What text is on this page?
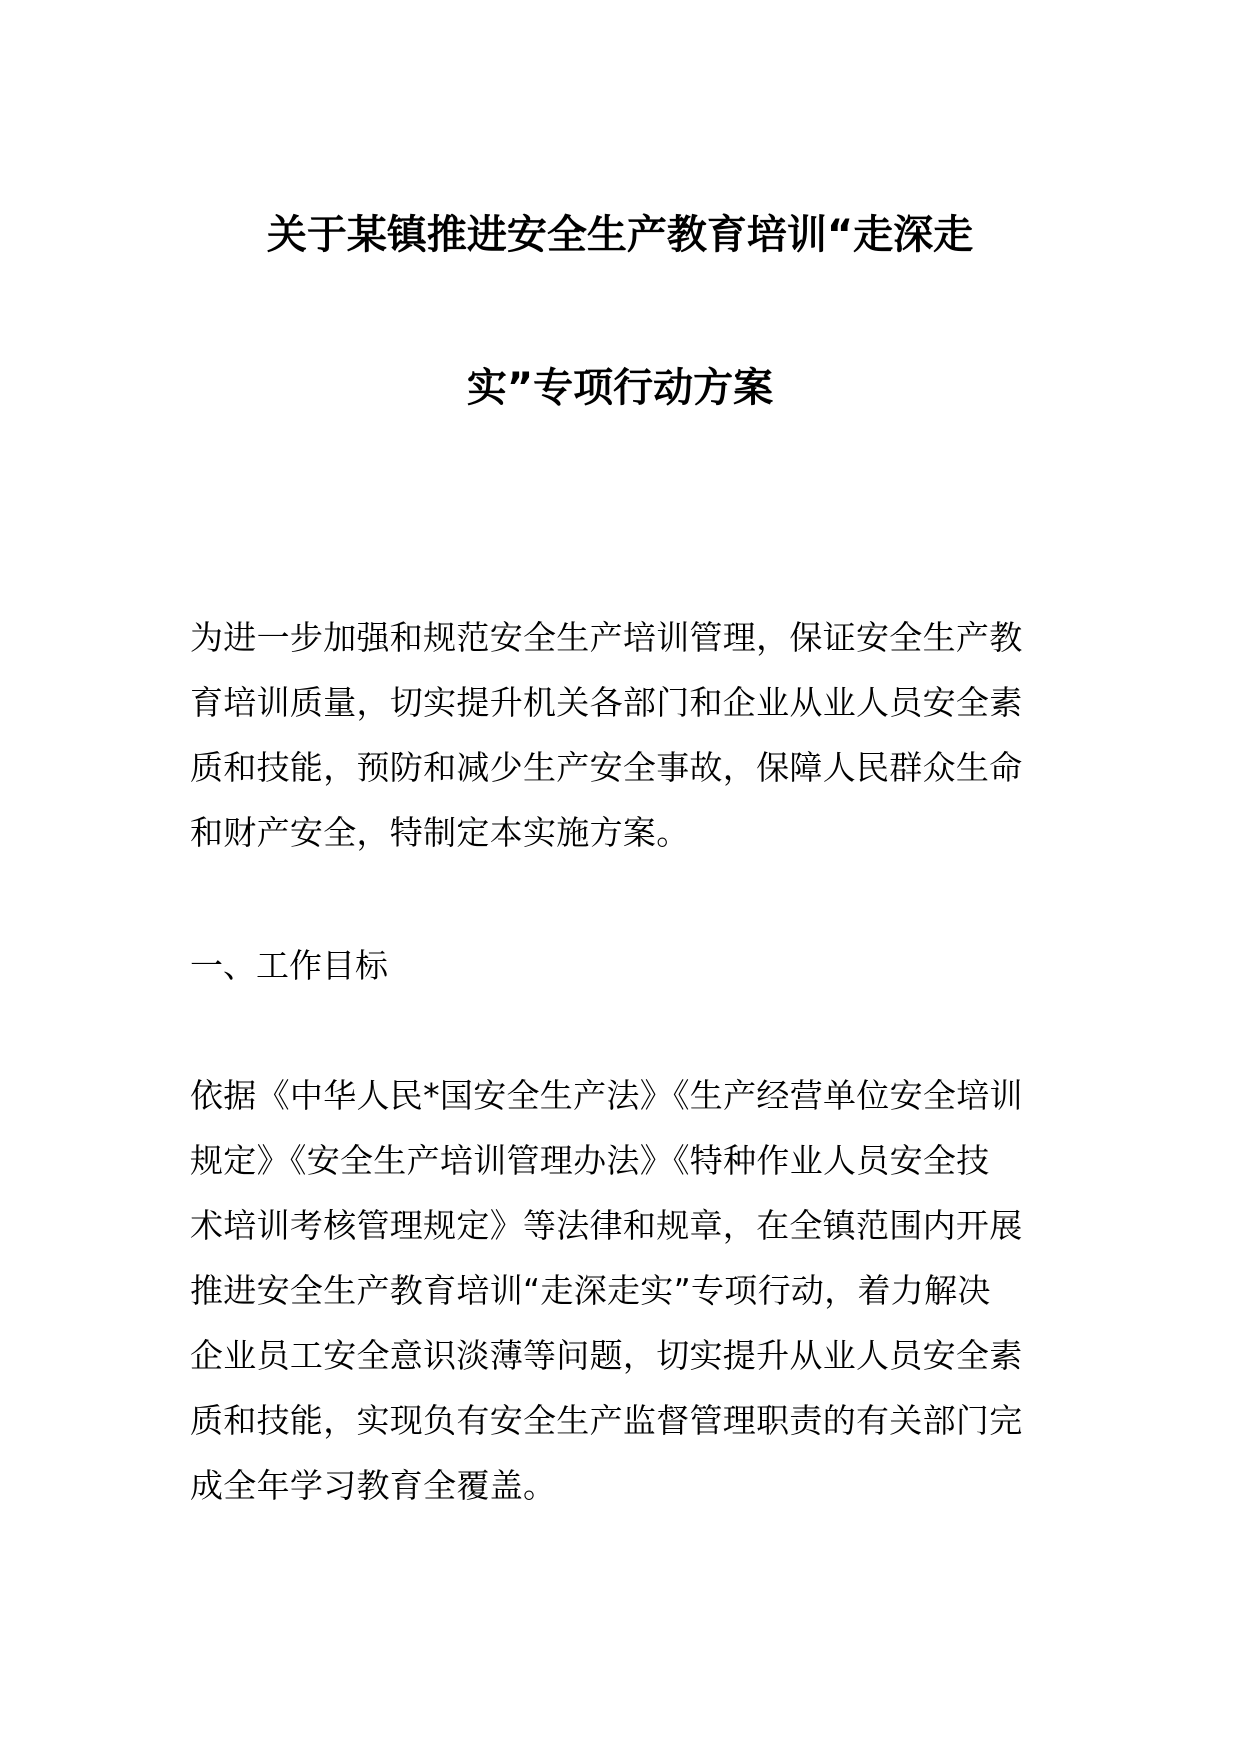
关于某镇推进安全生产教育培训“走深走
实”专项行动方案
为进一步加强和规范安全生产培训管理，保证安全生产教
育培训质量，切实提升机关各部门和企业从业人员安全素
质和技能，预防和减少生产安全事故，保障人民群众生命
和财产安全，特制定本实施方案。
一、工作目标
依据《中华人民*国安全生产法》《生产经营单位安全培训
规定》《安全生产培训管理办法》《特种作业人员安全技
术培训考核管理规定》等法律和规章，在全镇范围内开展
推进安全生产教育培训“走深走实”专项行动，着力解决
企业员工安全意识淡薄等问题，切实提升从业人员安全素
质和技能，实现负有安全生产监督管理职责的有关部门完
成全年学习教育全覆盖。
